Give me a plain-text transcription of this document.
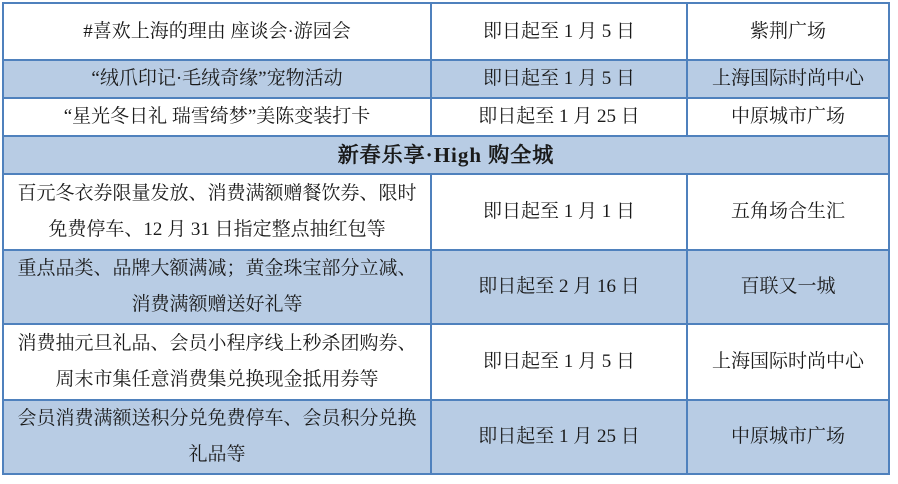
#喜欢上海的理由 座谈会·游园会	即日起至 1 月 5 日	紫荆广场
“绒爪印记·毛绒奇缘”宠物活动	即日起至 1 月 5 日	上海国际时尚中心
“星光冬日礼 瑞雪绮梦”美陈变装打卡	即日起至 1 月 25 日	中原城市广场
新春乐享·High 购全城		
百元冬衣券限量发放、消费满额赠餐饮券、限时免费停车、12 月 31 日指定整点抽红包等	即日起至 1 月 1 日	五角场合生汇
重点品类、品牌大额满减；黄金珠宝部分立减、消费满额赠送好礼等	即日起至 2 月 16 日	百联又一城
消费抽元旦礼品、会员小程序线上秒杀团购券、周末市集任意消费集兑换现金抵用券等	即日起至 1 月 5 日	上海国际时尚中心
会员消费满额送积分兑免费停车、会员积分兑换礼品等	即日起至 1 月 25 日	中原城市广场
